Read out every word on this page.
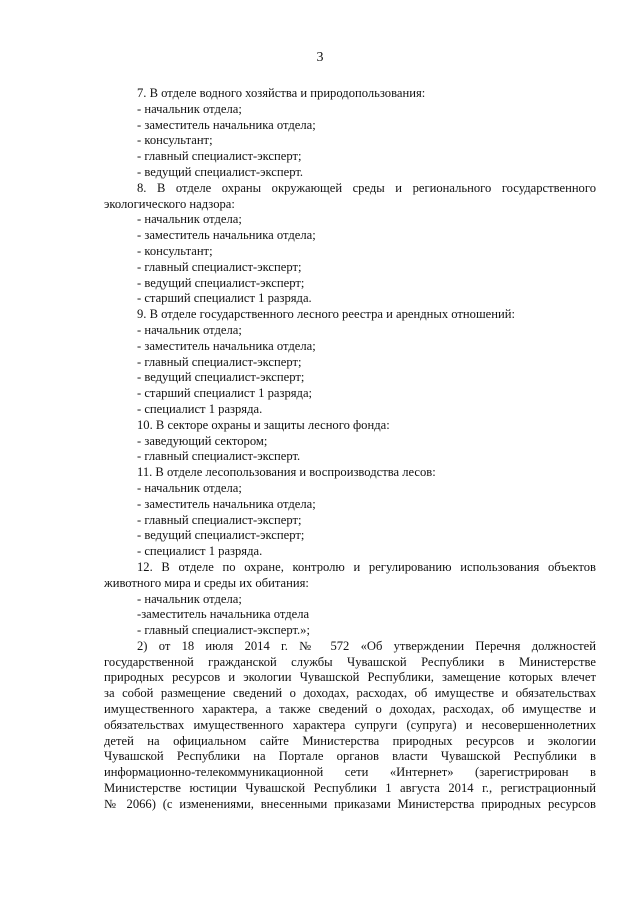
3
7. В отделе водного хозяйства и природопользования:
- начальник отдела;
- заместитель начальника отдела;
- консультант;
- главный специалист-эксперт;
- ведущий специалист-эксперт.
8. В отделе охраны окружающей среды и регионального государственного
экологического надзора:
- начальник отдела;
- заместитель начальника отдела;
- консультант;
- главный специалист-эксперт;
- ведущий специалист-эксперт;
- старший специалист 1 разряда.
9. В отделе государственного лесного реестра и арендных отношений:
- начальник отдела;
- заместитель начальника отдела;
- главный специалист-эксперт;
- ведущий специалист-эксперт;
- старший специалист 1 разряда;
- специалист 1 разряда.
10. В секторе охраны и защиты лесного фонда:
- заведующий сектором;
- главный специалист-эксперт.
11. В отделе лесопользования и воспроизводства лесов:
- начальник отдела;
- заместитель начальника отдела;
- главный специалист-эксперт;
- ведущий специалист-эксперт;
- специалист 1 разряда.
12. В отделе по охране, контролю и регулированию использования объектов
животного мира и среды их обитания:
- начальник отдела;
-заместитель начальника отдела
- главный специалист-эксперт.»;
2) от 18 июля 2014 г. № 572 «Об утверждении Перечня должностей
государственной гражданской службы Чувашской Республики в Министерстве
природных ресурсов и экологии Чувашской Республики, замещение которых влечет
за собой размещение сведений о доходах, расходах, об имуществе и обязательствах
имущественного характера, а также сведений о доходах, расходах, об имуществе и
обязательствах имущественного характера супруги (супруга) и несовершеннолетних
детей на официальном сайте Министерства природных ресурсов и экологии
Чувашской Республики на Портале органов власти Чувашской Республики в
информационно-телекоммуникационной сети «Интернет» (зарегистрирован в
Министерстве юстиции Чувашской Республики 1 августа 2014 г., регистрационный
№ 2066) (с изменениями, внесенными приказами Министерства природных ресурсов
